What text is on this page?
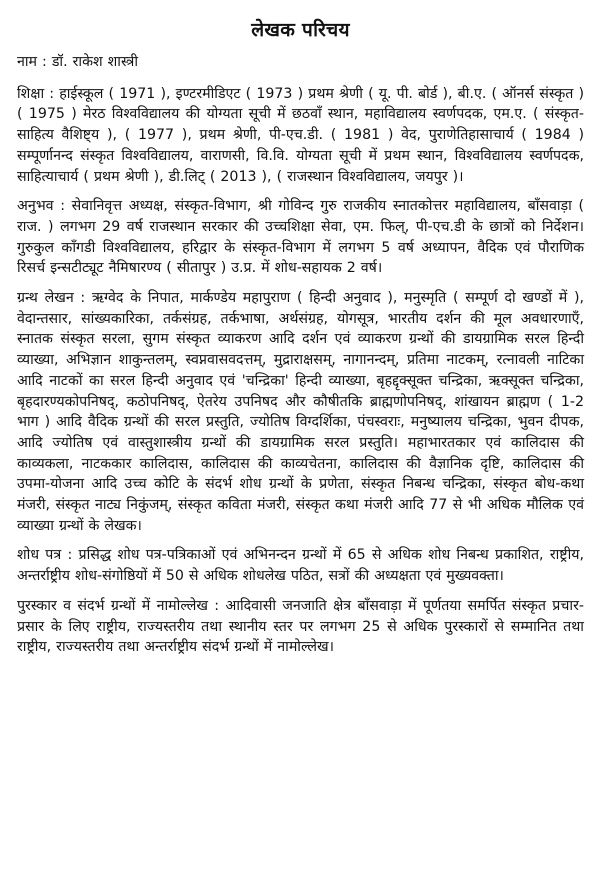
लेखक परिचय

नाम : डॉ. राकेश शास्त्री

शिक्षा : हाईस्कूल ( 1971 ), इण्टरमीडिएट ( 1973 ) प्रथम श्रेणी ( यू. पी. बोर्ड ), बी.ए. ( ऑनर्स संस्कृत ) ( 1975 ) मेरठ विश्वविद्यालय की योग्यता सूची में छठवाँ स्थान, महाविद्यालय स्वर्णपदक, एम.ए. ( संस्कृत-साहित्य वैशिष्ट्य ), ( 1977 ), प्रथम श्रेणी, पी-एच.डी. ( 1981 ) वेद, पुराणेतिहासाचार्य ( 1984 ) सम्पूर्णानन्द संस्कृत विश्वविद्यालय, वाराणसी, वि.वि. योग्यता सूची में प्रथम स्थान, विश्वविद्यालय स्वर्णपदक, साहित्याचार्य ( प्रथम श्रेणी ), डी.लिट् ( 2013 ), ( राजस्थान विश्वविद्यालय, जयपुर )।

अनुभव : सेवानिवृत्त अध्यक्ष, संस्कृत-विभाग, श्री गोविन्द गुरु राजकीय स्नातकोत्तर महाविद्यालय, बाँसवाड़ा ( राज. ) लगभग 29 वर्ष राजस्थान सरकार की उच्चशिक्षा सेवा, एम. फिल्, पी-एच.डी के छात्रों को निर्देशन। गुरुकुल काँगडी विश्वविद्यालय, हरिद्वार के संस्कृत-विभाग में लगभग 5 वर्ष अध्यापन, वैदिक एवं पौराणिक रिसर्च इन्सटीट्यूट नैमिषारण्य ( सीतापुर ) उ.प्र. में शोध-सहायक 2 वर्ष।

ग्रन्थ लेखन : ऋग्वेद के निपात, मार्कण्डेय महापुराण ( हिन्दी अनुवाद ), मनुस्मृति ( सम्पूर्ण दो खण्डों में ), वेदान्तसार, सांख्यकारिका, तर्कसंग्रह, तर्कभाषा, अर्थसंग्रह, योगसूत्र, भारतीय दर्शन की मूल अवधारणाएँ, स्नातक संस्कृत सरला, सुगम संस्कृत व्याकरण आदि दर्शन एवं व्याकरण ग्रन्थों की डायग्रामिक सरल हिन्दी व्याख्या, अभिज्ञान शाकुन्तलम्, स्वप्नवासवदत्तम्, मुद्राराक्षसम्, नागानन्दम्, प्रतिमा नाटकम्, रत्नावली नाटिका आदि नाटकों का सरल हिन्दी अनुवाद एवं 'चन्द्रिका' हिन्दी व्याख्या, बृहद्दृक्सूक्त चन्द्रिका, ऋक्सूक्त चन्द्रिका, बृहदारण्यकोपनिषद्, कठोपनिषद्, ऐतरेय उपनिषद और कौषीतकि ब्राह्मणोपनिषद्, शांखायन ब्राह्मण ( 1-2 भाग ) आदि वैदिक ग्रन्थों की सरल प्रस्तुति, ज्योतिष विग्दर्शिका, पंचस्वराः, मनुष्यालय चन्द्रिका, भुवन दीपक, आदि ज्योतिष एवं वास्तुशास्त्रीय ग्रन्थों की डायग्रामिक सरल प्रस्तुति। महाभारतकार एवं कालिदास की काव्यकला, नाटककार कालिदास, कालिदास की काव्यचेतना, कालिदास की वैज्ञानिक दृष्टि, कालिदास की उपमा-योजना आदि उच्च कोटि के संदर्भ शोध ग्रन्थों के प्रणेता, संस्कृत निबन्ध चन्द्रिका, संस्कृत बोध-कथा मंजरी, संस्कृत नाट्य निकुंजम्, संस्कृत कविता मंजरी, संस्कृत कथा मंजरी आदि 77 से भी अधिक मौलिक एवं व्याख्या ग्रन्थों के लेखक।

शोध पत्र : प्रसिद्ध शोध पत्र-पत्रिकाओं एवं अभिनन्दन ग्रन्थों में 65 से अधिक शोध निबन्ध प्रकाशित, राष्ट्रीय, अन्तर्राष्ट्रीय शोध-संगोष्ठियों में 50 से अधिक शोधलेख पठित, सत्रों की अध्यक्षता एवं मुख्यवक्ता।

पुरस्कार व संदर्भ ग्रन्थों में नामोल्लेख : आदिवासी जनजाति क्षेत्र बाँसवाड़ा में पूर्णतया समर्पित संस्कृत प्रचार-प्रसार के लिए राष्ट्रीय, राज्यस्तरीय तथा स्थानीय स्तर पर लगभग 25 से अधिक पुरस्कारों से सम्मानित तथा राष्ट्रीय, राज्यस्तरीय तथा अन्तर्राष्ट्रीय संदर्भ ग्रन्थों में नामोल्लेख।
